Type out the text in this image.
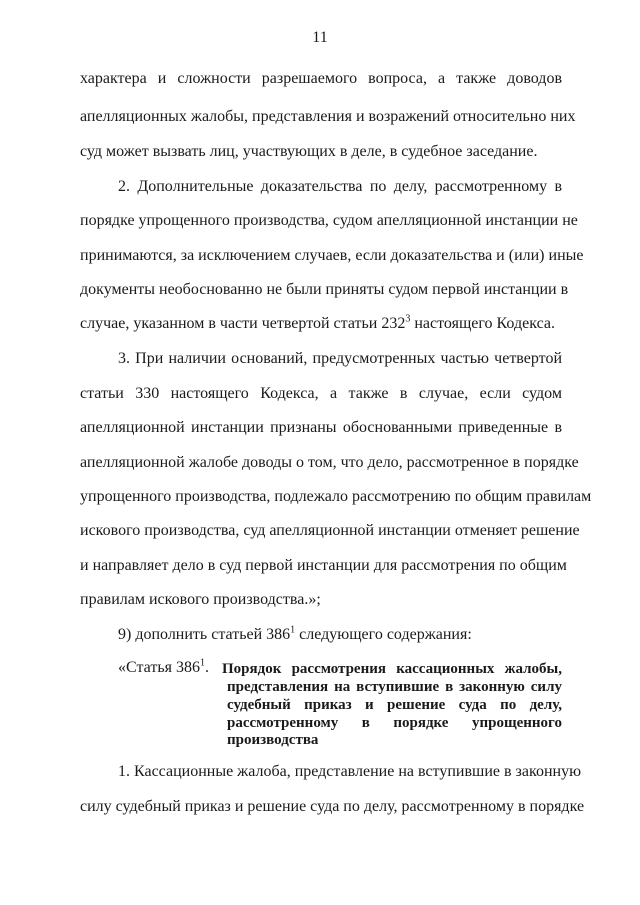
11
характера и сложности разрешаемого вопроса, а также доводов
апелляционных жалобы, представления и возражений относительно них
суд может вызвать лиц, участвующих в деле, в судебное заседание.
2. Дополнительные доказательства по делу, рассмотренному в
порядке упрощенного производства, судом апелляционной инстанции не
принимаются, за исключением случаев, если доказательства и (или) иные
документы необоснованно не были приняты судом первой инстанции в
случае, указанном в части четвертой статьи $232^3$ настоящего Кодекса.
3. При наличии оснований, предусмотренных частью четвертой
статьи 330 настоящего Кодекса, а также в случае, если судом
апелляционной инстанции признаны обоснованными приведенные в
апелляционной жалобе доводы о том, что дело, рассмотренное в порядке
упрощенного производства, подлежало рассмотрению по общим правилам
искового производства, суд апелляционной инстанции отменяет решение
и направляет дело в суд первой инстанции для рассмотрения по общим
правилам искового производства.»;
9) дополнить статьей $386^1$ следующего содержания:
«Статья $386^1$. Порядок рассмотрения кассационных жалобы,
представления на вступившие в законную силу
судебный приказ и решение суда по делу,
рассмотренному в порядке упрощенного
производства
1. Кассационные жалоба, представление на вступившие в законную
силу судебный приказ и решение суда по делу, рассмотренному в порядке
